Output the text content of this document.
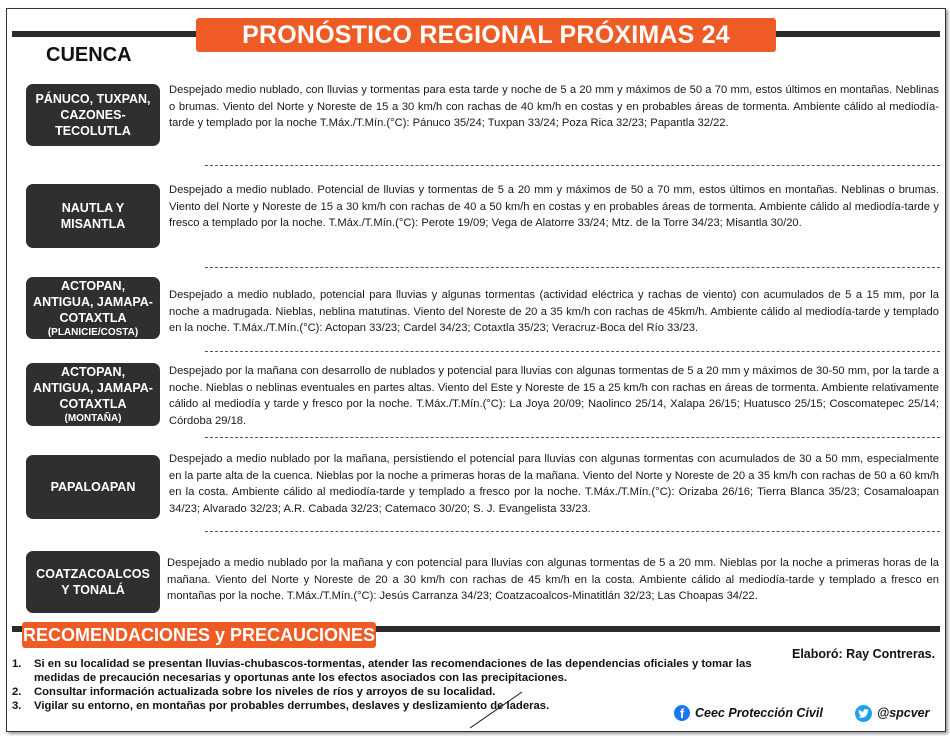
PRONÓSTICO REGIONAL PRÓXIMAS 24 HORAS
CUENCA
PÁNUCO, TUXPAN,
CAZONES-
TECOLUTLA
Despejado medio nublado, con lluvias y tormentas para esta tarde y noche de 5 a 20 mm y máximos de 50 a 70 mm, estos últimos en montañas. Neblinas o brumas. Viento del Norte y Noreste de 15 a 30 km/h con rachas de 40 km/h en costas y en probables áreas de tormenta. Ambiente cálido al mediodía-tarde y templado por la noche T.Máx./T.Mín.(°C): Pánuco 35/24; Tuxpan 33/24; Poza Rica 32/23; Papantla 32/22.
NAUTLA Y
MISANTLA
Despejado a medio nublado. Potencial de lluvias y tormentas de 5 a 20 mm y máximos de 50 a 70 mm, estos últimos en montañas. Neblinas o brumas. Viento del Norte y Noreste de 15 a 30 km/h con rachas de 40 a 50 km/h en costas y en probables áreas de tormenta. Ambiente cálido al mediodía-tarde y fresco a templado por la noche. T.Máx./T.Mín.(°C): Perote 19/09; Vega de Alatorre 33/24; Mtz. de la Torre 34/23; Misantla 30/20.
ACTOPAN,
ANTIGUA, JAMAPA-
COTAXTLA
(PLANICIE/COSTA)
Despejado a medio nublado, potencial para lluvias y algunas tormentas (actividad eléctrica y rachas de viento) con acumulados de 5 a 15 mm, por la noche a madrugada. Nieblas, neblina matutinas. Viento del Noreste de 20 a 35 km/h con rachas de 45km/h. Ambiente cálido al mediodía-tarde y templado en la noche. T.Máx./T.Mín.(°C): Actopan 33/23; Cardel 34/23; Cotaxtla 35/23; Veracruz-Boca del Río 33/23.
ACTOPAN,
ANTIGUA, JAMAPA-
COTAXTLA
(MONTAÑA)
Despejado por la mañana con desarrollo de nublados y potencial para lluvias con algunas tormentas de 5 a 20 mm y máximos de 30-50 mm, por la tarde a noche. Nieblas o neblinas eventuales en partes altas. Viento del Este y Noreste de 15 a 25 km/h con rachas en áreas de tormenta. Ambiente relativamente cálido al mediodía y tarde y fresco por la noche. T.Máx./T.Mín.(°C): La Joya 20/09; Naolinco 25/14, Xalapa 26/15; Huatusco 25/15; Coscomatepec 25/14; Córdoba 29/18.
PAPALOAPAN
Despejado a medio nublado por la mañana, persistiendo el potencial para lluvias con algunas tormentas con acumulados de 30 a 50 mm, especialmente en la parte alta de la cuenca. Nieblas por la noche a primeras horas de la mañana. Viento del Norte y Noreste de 20 a 35 km/h con rachas de 50 a 60 km/h en la costa. Ambiente cálido al mediodía-tarde y templado a fresco por la noche. T.Máx./T.Mín.(°C): Orizaba 26/16; Tierra Blanca 35/23; Cosamaloapan 34/23; Alvarado 32/23; A.R. Cabada 32/23; Catemaco 30/20; S. J. Evangelista 33/23.
COATZACOALCOS
Y TONALÁ
Despejado a medio nublado por la mañana y con potencial para lluvias con algunas tormentas de 5 a 20 mm. Nieblas por la noche a primeras horas de la mañana. Viento del Norte y Noreste de 20 a 30 km/h con rachas de 45 km/h en la costa. Ambiente cálido al mediodía-tarde y templado a fresco en montañas por la noche. T.Máx./T.Mín.(°C): Jesús Carranza 34/23; Coatzacoalcos-Minatitlán 32/23; Las Choapas 34/22.
RECOMENDACIONES y PRECAUCIONES
Elaboró: Ray Contreras.
1.	Si en su localidad se presentan lluvias-chubascos-tormentas, atender las recomendaciones de las dependencias oficiales y tomar las medidas de precaución necesarias y oportunas ante los efectos asociados con las precipitaciones.
2.	Consultar información actualizada sobre los niveles de ríos y arroyos de su localidad.
3.	Vigilar su entorno, en montañas por probables derrumbes, deslaves y deslizamiento de laderas.	f Ceec Protección Civil	@spcver
